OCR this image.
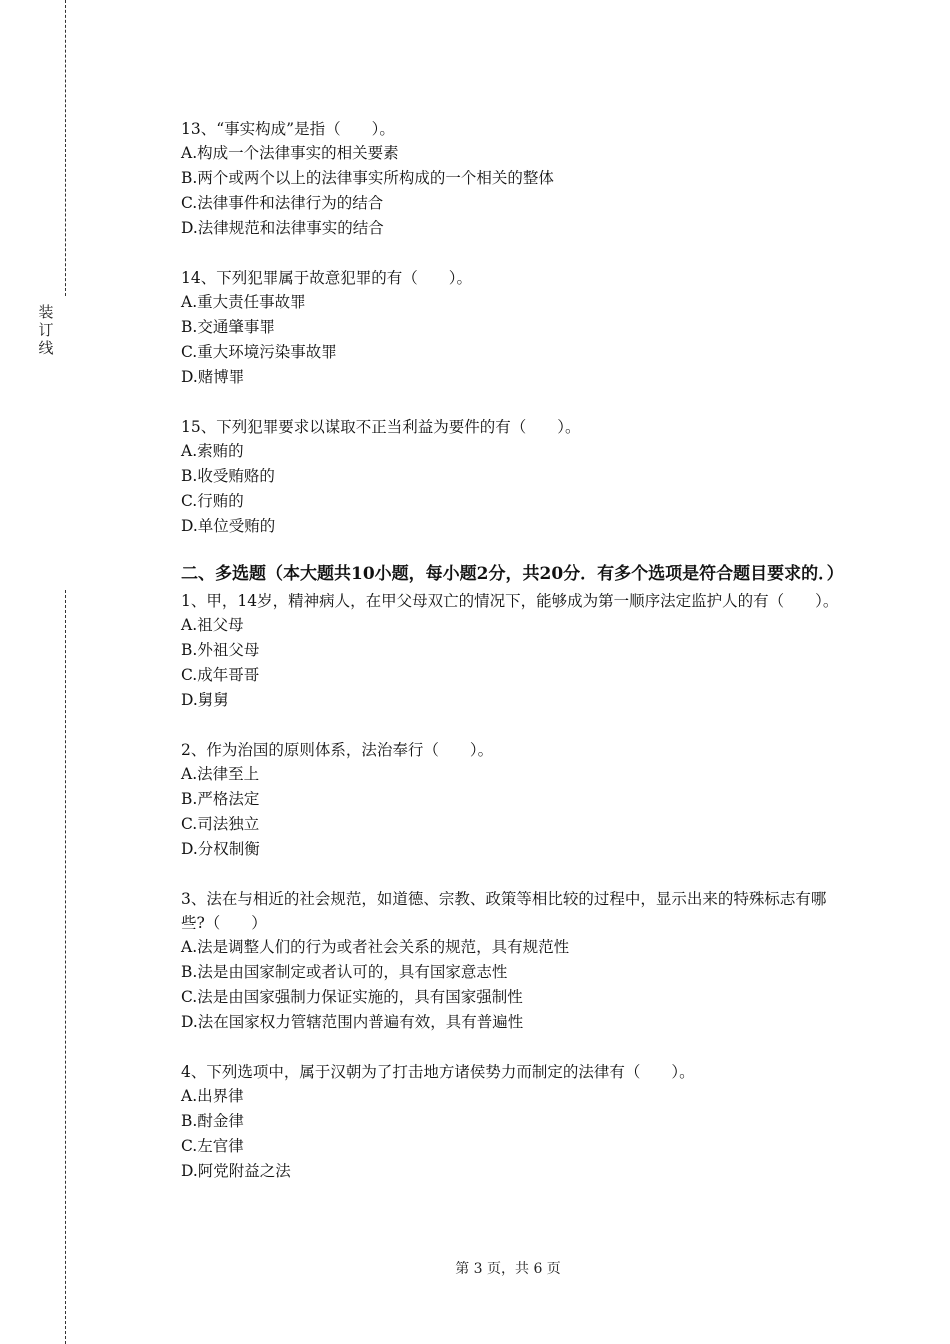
装
订
线
13、“事实构成”是指（　　）。
A.构成一个法律事实的相关要素
B.两个或两个以上的法律事实所构成的一个相关的整体
C.法律事件和法律行为的结合
D.法律规范和法律事实的结合
14、下列犯罪属于故意犯罪的有（　　）。
A.重大责任事故罪
B.交通肇事罪
C.重大环境污染事故罪
D.赌博罪
15、下列犯罪要求以谋取不正当利益为要件的有（　　）。
A.索贿的
B.收受贿赂的
C.行贿的
D.单位受贿的
二、多选题（本大题共10小题，每小题2分，共20分．有多个选项是符合题目要求的．）
1、甲，14岁，精神病人，在甲父母双亡的情况下，能够成为第一顺序法定监护人的有（　　）。
A.祖父母
B.外祖父母
C.成年哥哥
D.舅舅
2、作为治国的原则体系，法治奉行（　　）。
A.法律至上
B.严格法定
C.司法独立
D.分权制衡
3、法在与相近的社会规范，如道德、宗教、政策等相比较的过程中，显示出来的特殊标志有哪些?（　　）
A.法是调整人们的行为或者社会关系的规范，具有规范性
B.法是由国家制定或者认可的，具有国家意志性
C.法是由国家强制力保证实施的，具有国家强制性
D.法在国家权力管辖范围内普遍有效，具有普遍性
4、下列选项中，属于汉朝为了打击地方诸侯势力而制定的法律有（　　）。
A.出界律
B.酎金律
C.左官律
D.阿党附益之法
第 3 页，共 6 页
